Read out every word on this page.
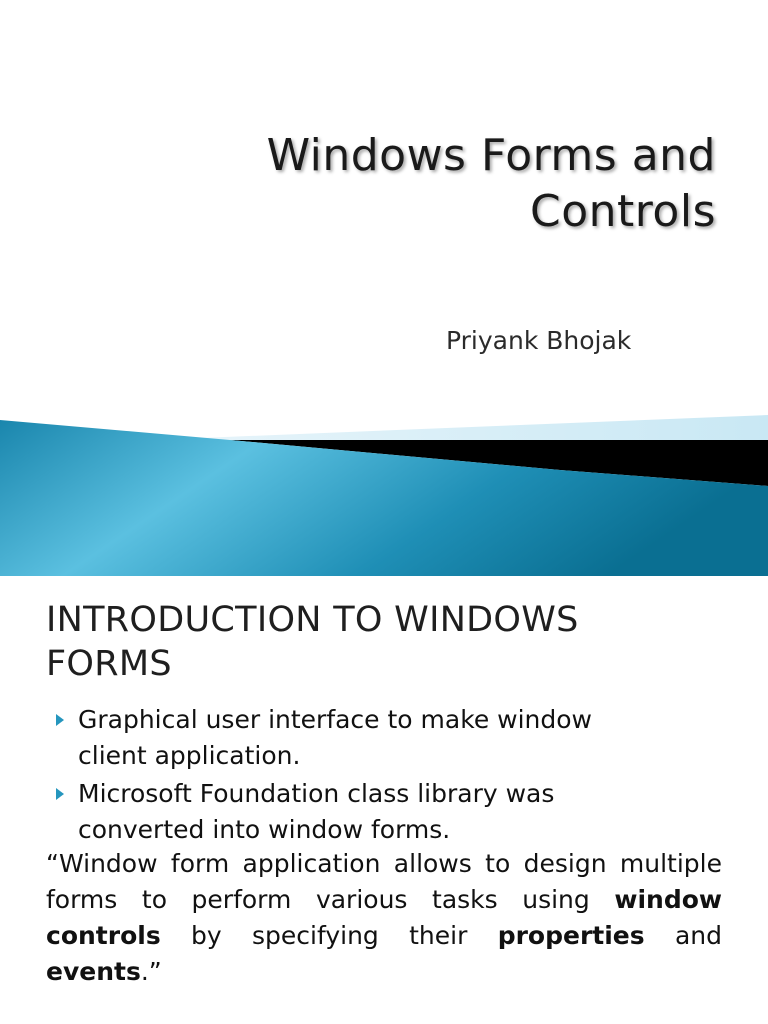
Windows Forms and
Controls
Priyank Bhojak
INTRODUCTION TO WINDOWS
FORMS
Graphical user interface to make window
client application.
Microsoft Foundation class library was
converted into window forms.
“Window form application allows to design multiple forms to perform various tasks using window controls by specifying their properties and events.”
